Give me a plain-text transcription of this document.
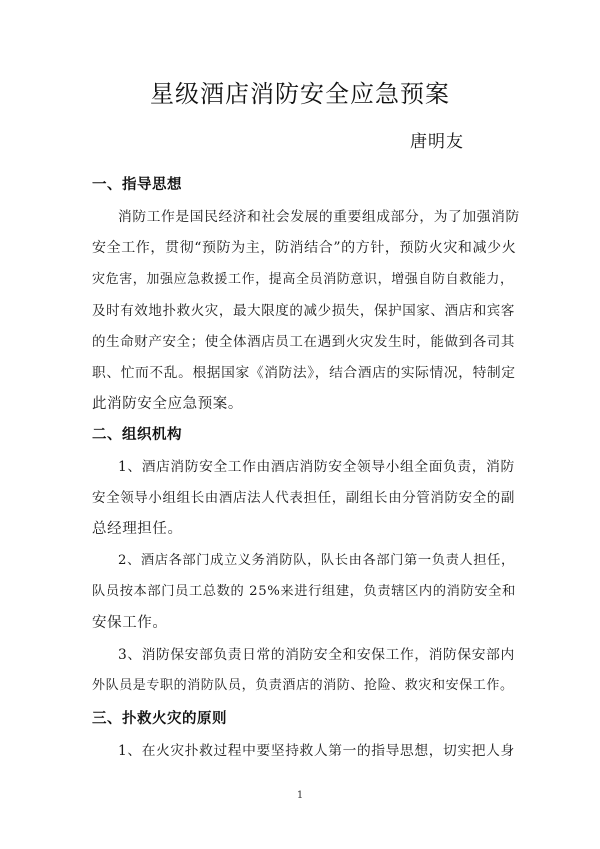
星级酒店消防安全应急预案
唐明友
一、指导思想
消防工作是国民经济和社会发展的重要组成部分，为了加强消防
安全工作，贯彻“预防为主，防消结合”的方针，预防火灾和减少火
灾危害，加强应急救援工作，提高全员消防意识，增强自防自救能力，
及时有效地扑救火灾，最大限度的减少损失，保护国家、酒店和宾客
的生命财产安全；使全体酒店员工在遇到火灾发生时，能做到各司其
职、忙而不乱。根据国家《消防法》，结合酒店的实际情况，特制定
此消防安全应急预案。
二、组织机构
1、酒店消防安全工作由酒店消防安全领导小组全面负责，消防
安全领导小组组长由酒店法人代表担任，副组长由分管消防安全的副
总经理担任。
2、酒店各部门成立义务消防队，队长由各部门第一负责人担任，
队员按本部门员工总数的 25%来进行组建，负责辖区内的消防安全和
安保工作。
3、消防保安部负责日常的消防安全和安保工作，消防保安部内
外队员是专职的消防队员，负责酒店的消防、抢险、救灾和安保工作。
三、扑救火灾的原则
1、在火灾扑救过程中要坚持救人第一的指导思想，切实把人身
1
